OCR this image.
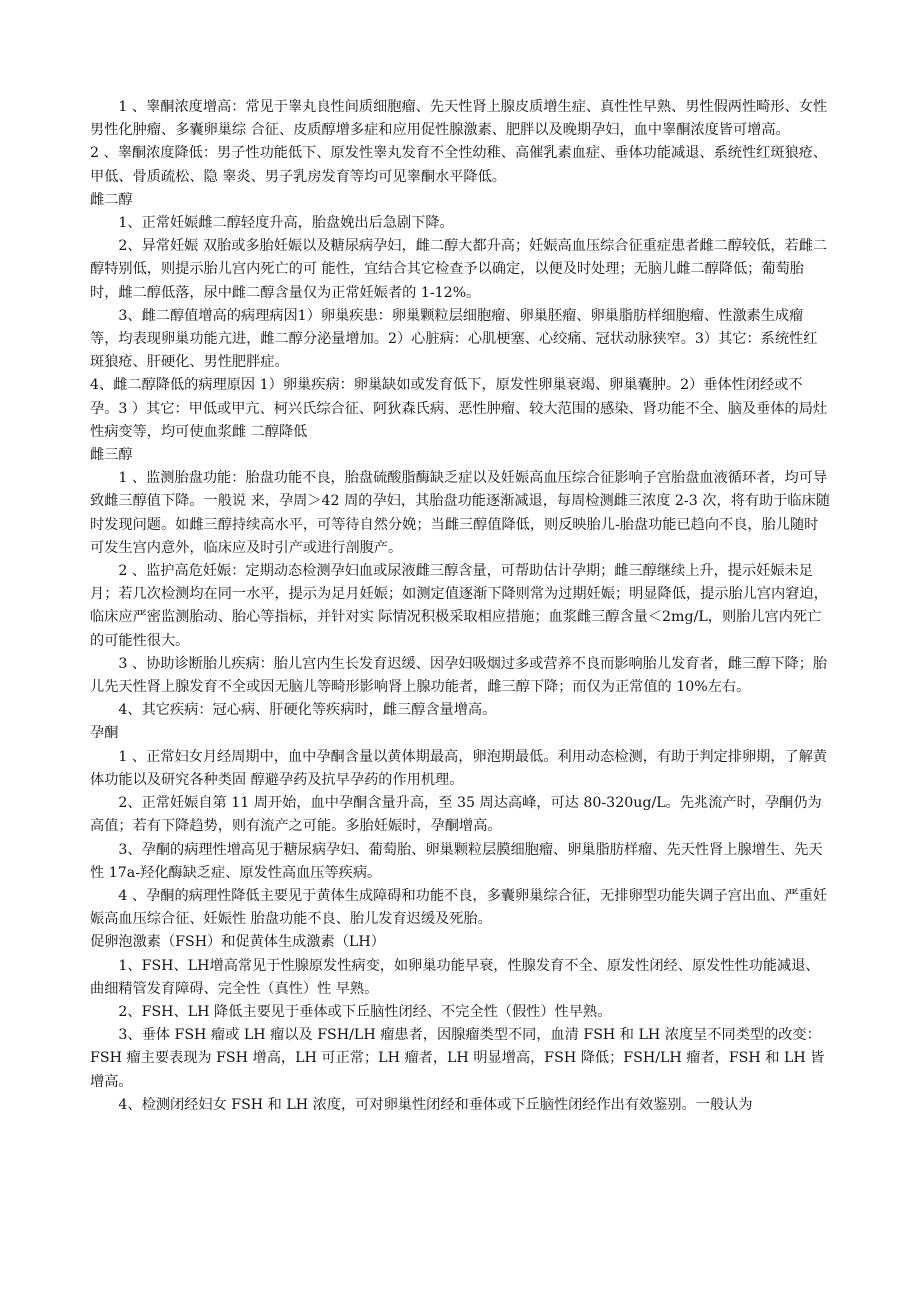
1 、睾酮浓度增高：常见于睾丸良性间质细胞瘤、先天性肾上腺皮质增生症、真性性早熟、男性假两性畸形、女性男性化肿瘤、多囊卵巢综 合征、皮质醇增多症和应用促性腺激素、肥胖以及晚期孕妇，血中睾酮浓度皆可增高。

2 、睾酮浓度降低：男子性功能低下、原发性睾丸发育不全性幼稚、高催乳素血症、垂体功能减退、系统性红斑狼疮、甲低、骨质疏松、隐 睾炎、男子乳房发育等均可见睾酮水平降低。

雌二醇

1、正常妊娠雌二醇轻度升高，胎盘娩出后急剧下降。

2、异常妊娠 双胎或多胎妊娠以及糖尿病孕妇，雌二醇大都升高；妊娠高血压综合征重症患者雌二醇较低，若雌二醇特别低，则提示胎儿宫内死亡的可 能性，宜结合其它检查予以确定，以便及时处理；无脑儿雌二醇降低；葡萄胎时，雌二醇低落，尿中雌二醇含量仅为正常妊娠者的 1-12%。

3、雌二醇值增高的病理病因1）卵巢疾患：卵巢颗粒层细胞瘤、卵巢胚瘤、卵巢脂肪样细胞瘤、性激素生成瘤等，均表现卵巢功能亢进，雌二醇分泌量增加。2）心脏病：心肌梗塞、心绞痛、冠状动脉狭窄。3）其它：系统性红斑狼疮、肝硬化、男性肥胖症。

4、雌二醇降低的病理原因 1）卵巢疾病：卵巢缺如或发育低下，原发性卵巢衰竭、卵巢囊肿。2）垂体性闭经或不孕。3 ）其它：甲低或甲亢、柯兴氏综合征、阿狄森氏病、恶性肿瘤、较大范围的感染、肾功能不全、脑及垂体的局灶性病变等，均可使血浆雌 二醇降低

雌三醇

1 、监测胎盘功能：胎盘功能不良，胎盘硫酸脂酶缺乏症以及妊娠高血压综合征影响子宫胎盘血液循环者，均可导致雌三醇值下降。一般说 来，孕周＞42 周的孕妇，其胎盘功能逐渐减退，每周检测雌三浓度 2-3 次，将有助于临床随时发现问题。如雌三醇持续高水平，可等待自然分娩；当雌三醇值降低，则反映胎儿-胎盘功能已趋向不良，胎儿随时可发生宫内意外，临床应及时引产或进行剖腹产。

2 、监护高危妊娠：定期动态检测孕妇血或尿液雌三醇含量，可帮助估计孕期；雌三醇继续上升，提示妊娠未足月；若几次检测均在同一水平，提示为足月妊娠；如测定值逐渐下降则常为过期妊娠；明显降低，提示胎儿宫内窘迫，临床应严密监测胎动、胎心等指标，并针对实 际情况积极采取相应措施；血浆雌三醇含量＜2mg/L，则胎儿宫内死亡的可能性很大。

3 、协助诊断胎儿疾病：胎儿宫内生长发育迟缓、因孕妇吸烟过多或营养不良而影响胎儿发育者，雌三醇下降；胎儿先天性肾上腺发育不全或因无脑儿等畸形影响肾上腺功能者，雌三醇下降；而仅为正常值的 10%左右。

4、其它疾病：冠心病、肝硬化等疾病时，雌三醇含量增高。

孕酮

1 、正常妇女月经周期中，血中孕酮含量以黄体期最高，卵泡期最低。利用动态检测，有助于判定排卵期，了解黄体功能以及研究各种类固 醇避孕药及抗早孕药的作用机理。

2、正常妊娠自第 11 周开始，血中孕酮含量升高，至 35 周达高峰，可达 80-320ug/L。先兆流产时，孕酮仍为高值；若有下降趋势，则有流产之可能。多胎妊娠时，孕酮增高。

3、孕酮的病理性增高见于糖尿病孕妇、葡萄胎、卵巢颗粒层膜细胞瘤、卵巢脂肪样瘤、先天性肾上腺增生、先天性 17a-羟化酶缺乏症、原发性高血压等疾病。

4 、孕酮的病理性降低主要见于黄体生成障碍和功能不良，多囊卵巢综合征，无排卵型功能失调子宫出血、严重妊娠高血压综合征、妊娠性 胎盘功能不良、胎儿发育迟缓及死胎。

促卵泡激素（FSH）和促黄体生成激素（LH）

1、FSH、LH增高常见于性腺原发性病变，如卵巢功能早衰，性腺发育不全、原发性闭经、原发性性功能减退、曲细精管发育障碍、完全性（真性）性 早熟。

2、FSH、LH 降低主要见于垂体或下丘脑性闭经、不完全性（假性）性早熟。

3、垂体 FSH 瘤或 LH 瘤以及 FSH/LH 瘤患者，因腺瘤类型不同，血清 FSH 和 LH 浓度呈不同类型的改变：FSH 瘤主要表现为 FSH 增高，LH 可正常；LH 瘤者，LH 明显增高，FSH 降低；FSH/LH 瘤者，FSH 和 LH 皆增高。

4、检测闭经妇女 FSH 和 LH 浓度，可对卵巢性闭经和垂体或下丘脑性闭经作出有效鉴别。一般认为
